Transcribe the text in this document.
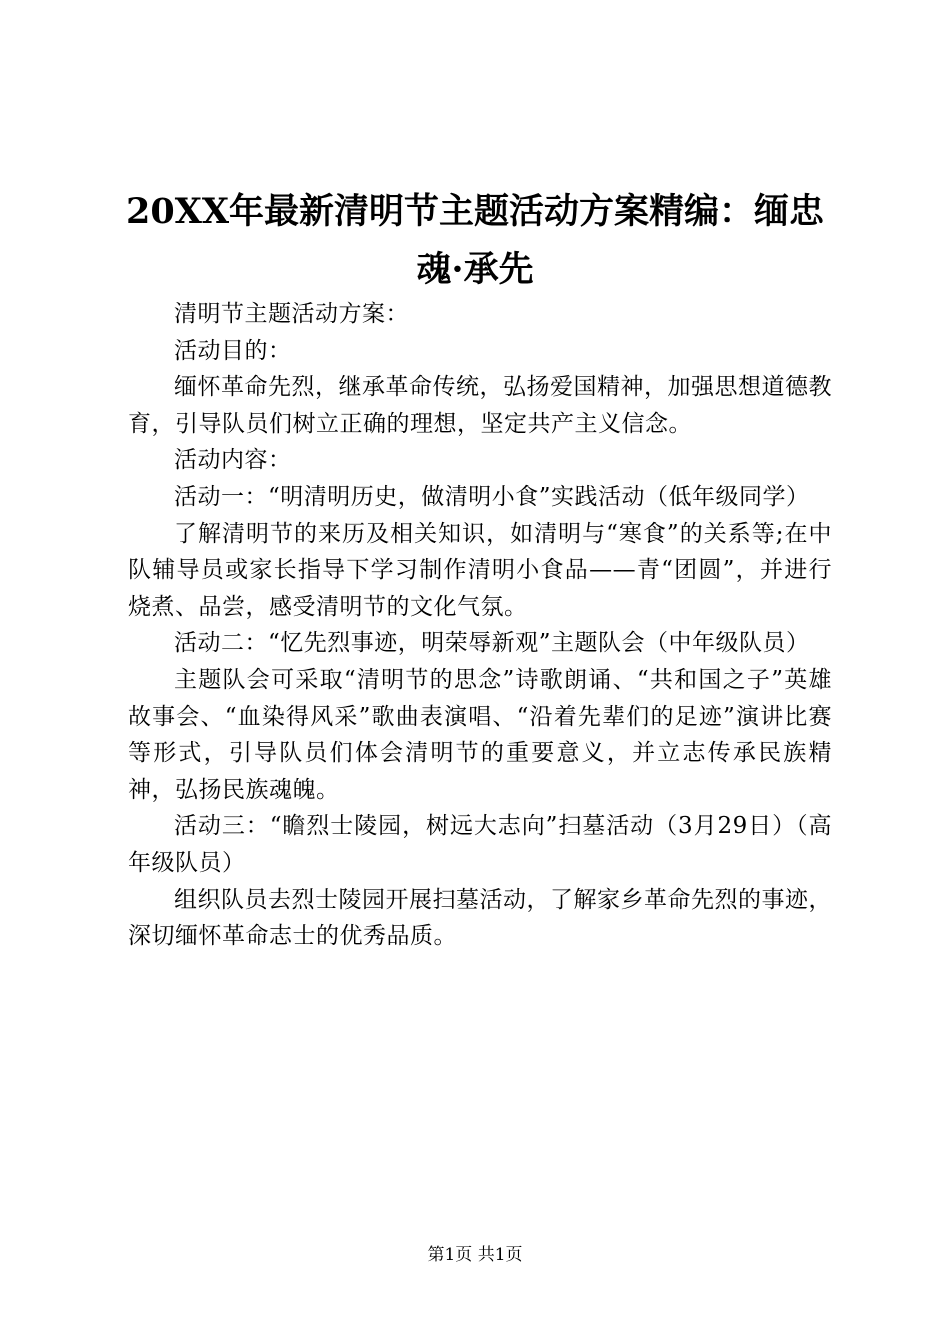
20XX年最新清明节主题活动方案精编：缅忠
魂·承先

清明节主题活动方案：

活动目的：

缅怀革命先烈，继承革命传统，弘扬爱国精神，加强思想道德教育，引导队员们树立正确的理想，坚定共产主义信念。

活动内容：

活动一：“明清明历史，做清明小食”实践活动（低年级同学）

了解清明节的来历及相关知识，如清明与“寒食”的关系等;在中队辅导员或家长指导下学习制作清明小食品——青“团圆”，并进行烧煮、品尝，感受清明节的文化气氛。

活动二：“忆先烈事迹，明荣辱新观”主题队会（中年级队员）

主题队会可采取“清明节的思念”诗歌朗诵、“共和国之子”英雄故事会、“血染得风采”歌曲表演唱、“沿着先辈们的足迹”演讲比赛等形式，引导队员们体会清明节的重要意义，并立志传承民族精神，弘扬民族魂魄。

活动三：“瞻烈士陵园，树远大志向”扫墓活动（3月29日）（高年级队员）

组织队员去烈士陵园开展扫墓活动，了解家乡革命先烈的事迹，深切缅怀革命志士的优秀品质。

第1页 共1页
